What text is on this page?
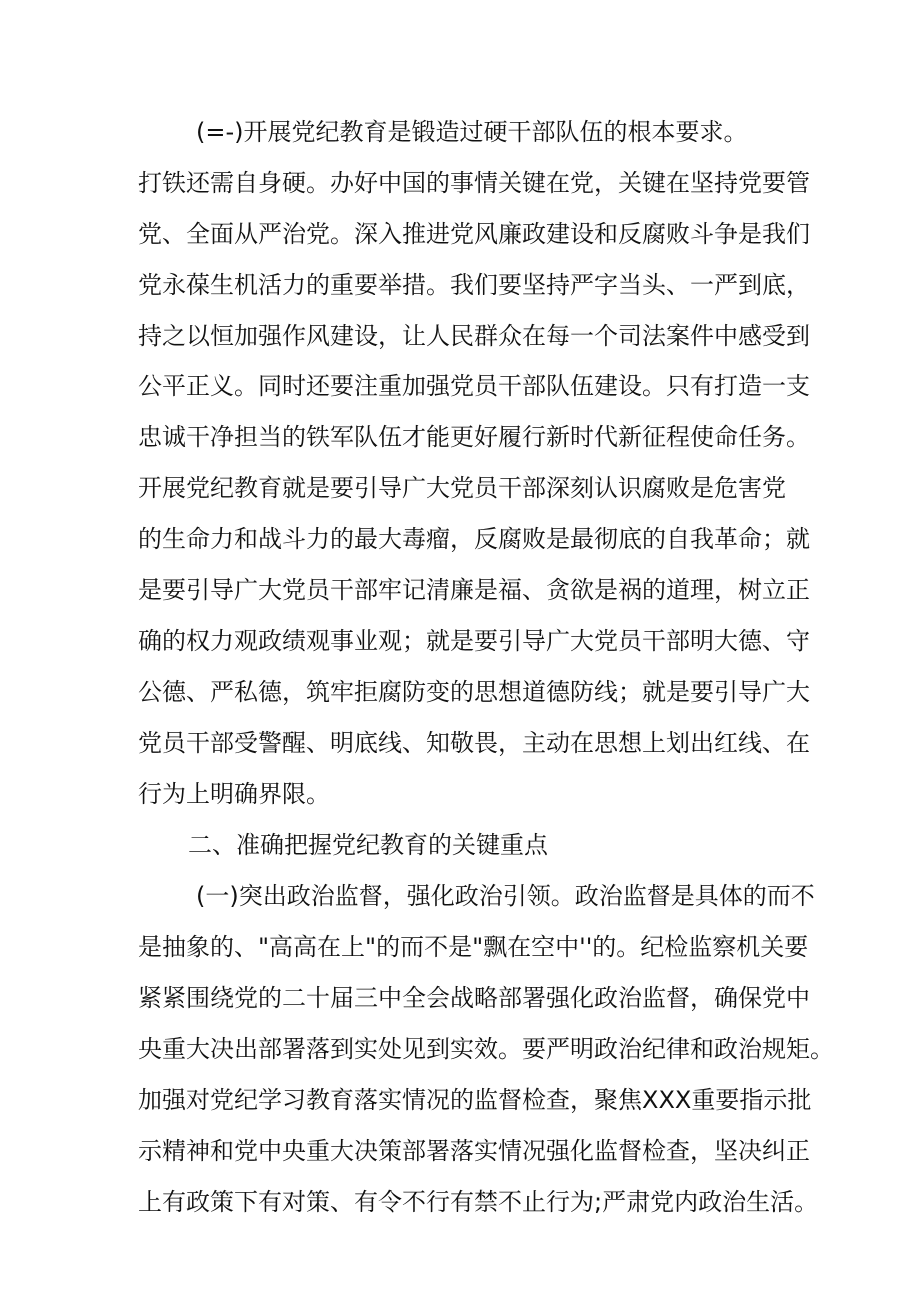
(=-)开展党纪教育是锻造过硬干部队伍的根本要求。
打铁还需自身硬。办好中国的事情关键在党，关键在坚持党要管
党、全面从严治党。深入推进党风廉政建设和反腐败斗争是我们
党永葆生机活力的重要举措。我们要坚持严字当头、一严到底，
持之以恒加强作风建设，让人民群众在每一个司法案件中感受到
公平正义。同时还要注重加强党员干部队伍建设。只有打造一支
忠诚干净担当的铁军队伍才能更好履行新时代新征程使命任务。
开展党纪教育就是要引导广大党员干部深刻认识腐败是危害党
的生命力和战斗力的最大毒瘤，反腐败是最彻底的自我革命；就
是要引导广大党员干部牢记清廉是福、贪欲是祸的道理，树立正
确的权力观政绩观事业观；就是要引导广大党员干部明大德、守
公德、严私德，筑牢拒腐防变的思想道德防线；就是要引导广大
党员干部受警醒、明底线、知敬畏，主动在思想上划出红线、在
行为上明确界限。
二、准确把握党纪教育的关键重点
(一)突出政治监督，强化政治引领。政治监督是具体的而不
是抽象的、"高高在上"的而不是"飘在空中''的。纪检监察机关要
紧紧围绕党的二十届三中全会战略部署强化政治监督，确保党中
央重大决出部署落到实处见到实效。要严明政治纪律和政治规矩。
加强对党纪学习教育落实情况的监督检查，聚焦XXX重要指示批
示精神和党中央重大决策部署落实情况强化监督检查，坚决纠正
上有政策下有对策、有令不行有禁不止行为;严肃党内政治生活。
